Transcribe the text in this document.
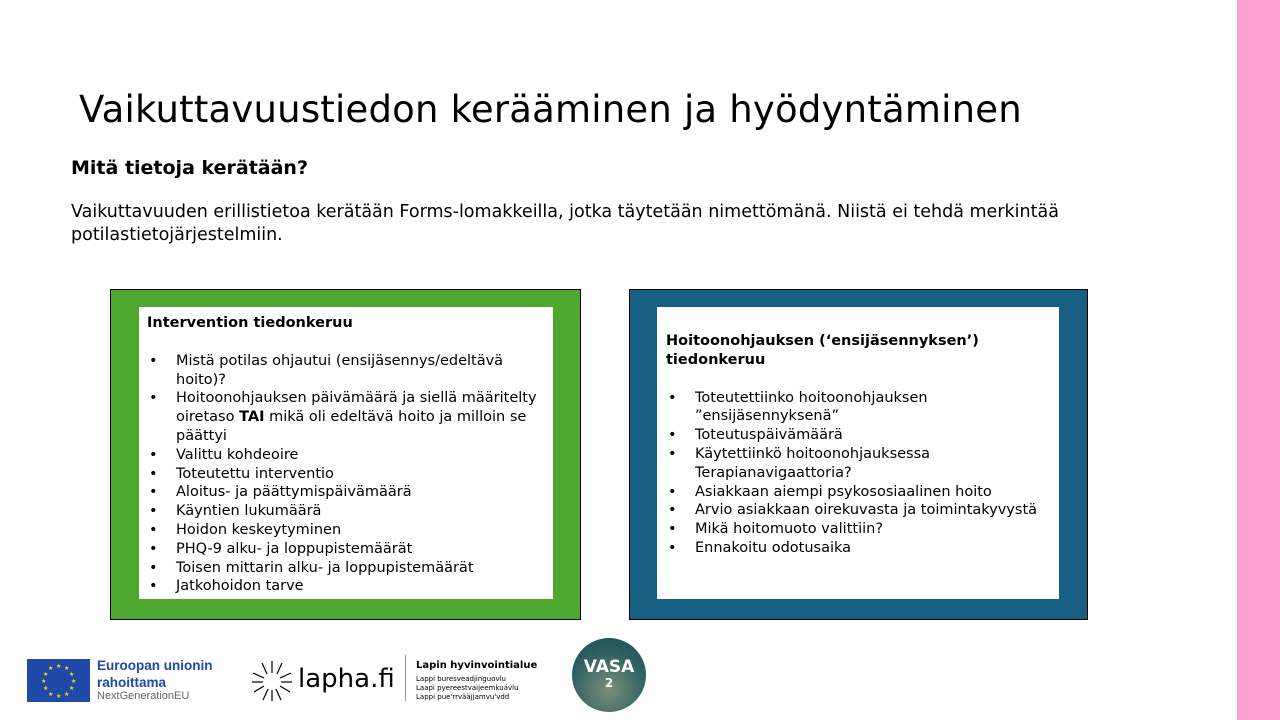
Vaikuttavuustiedon kerääminen ja hyödyntäminen
Mitä tietoja kerätään?
Vaikuttavuuden erillistietoa kerätään Forms-lomakkeilla, jotka täytetään nimettömänä. Niistä ei tehdä merkintää potilastietojärjestelmiin.
Intervention tiedonkeruu
• Mistä potilas ohjautui (ensijäsennys/edeltävä hoito)?
• Hoitoonohjauksen päivämäärä ja siellä määritelty oiretaso TAI mikä oli edeltävä hoito ja milloin se päättyi
• Valittu kohdeoire
• Toteutettu interventio
• Aloitus- ja päättymispäivämäärä
• Käyntien lukumäärä
• Hoidon keskeytyminen
• PHQ-9 alku- ja loppupistemäärät
• Toisen mittarin alku- ja loppupistemäärät
• Jatkohoidon tarve
Hoitoonohjauksen (‘ensijäsennyksen’) tiedonkeruu
• Toteutettiinko hoitoonohjauksen ”ensijäsennyksenä”
• Toteutuspäivämäärä
• Käytettiinkö hoitoonohjauksessa Terapianavigaattoria?
• Asiakkaan aiempi psykososiaalinen hoito
• Arvio asiakkaan oirekuvasta ja toimintakyvystä
• Mikä hoitomuoto valittiin?
• Ennakoitu odotusaika
★ ★
★
★
★
★
★
★
★
★
★
★	Euroopan unionin
rahoittama
NextGenerationEU
lapha.fi Lapin hyvinvointialue
Lappi buresveadjinguovlu
Laapi pyereestvaijeemkuávlu
Lappi pue'rrvääjjamvu'vdd
VASA
2
